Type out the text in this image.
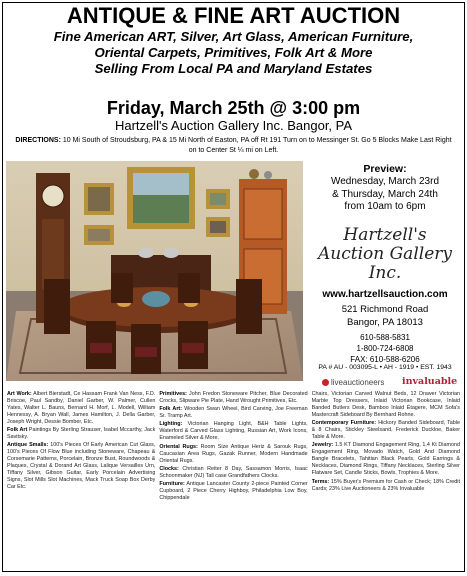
ANTIQUE & FINE ART AUCTION
Fine American ART, Silver, Art Glass, American Furniture,
Oriental Carpets, Primitives, Folk Art & More
Selling From Local PA and Maryland Estates
Friday, March 25th @ 3:00 pm
Hartzell's Auction Gallery Inc. Bangor, PA
DIRECTIONS: 10 Mi South of Stroudsburg, PA & 15 Mi North of Easton, PA off Rt 191 Turn on to Messinger St. Go 5 Blocks Make Last Right on to Center St ¼ mi on Left.
Preview:
Wednesday, March 23rd
& Thursday, March 24th
from 10am to 6pm
Hartzell's
Auction Gallery
Inc.
www.hartzellsauction.com
521 Richmond Road
Bangor, PA 18013
610-588-5831
1-800-724-6808
FAX: 610-588-6206
PA # AU - 003095-L • AH - 1919 • EST. 1943
liveauctioneers invaluable

Art Work: Albert Bierstadt, Ce Hassam Frank Van Ness, F.D. Briscoe, Paul Sandby, Daniel Garber, W. Palmer, Cullen Yates, Walter L. Bauns, Bernard H. Morf, L. Modell, William Hennessy, A. Bryan Wall, James Hamilton, J. Della Garber, Joseph Wright, Dessie Bomber, Etc.

Folk Art Paintings By Sterling Strauser, Isabel Mccarthy, Jack Savitsky.

Antique Smalls: 100's Pieces Of Early American Cut Glass, 100's Pieces Of Flow Blue including Stoneware, Chapeau & Corsemarie Patterns, Porcelain, Bronze Bust, Roundwoods & Plaques, Crystal & Dorand Art Glass, Lalique Versailles Urn, Tiffany Silver, Gibson Guitar, Early Porcelain Advertising Signs, Slot Mills Slot Machines, Mack Truck Soap Box Derby Car Etc.

Primitives: John Fredon Stoneware Pitcher, Blue Decorated Crocks, Slipware Pie Plate, Hand Wrought Primitives, Etc.

Folk Art: Wooden Swan Wheel, Bird Carving, Joe Freeman Sr. Tramp Art.

Lighting: Victorian Hanging Light, B&H Table Lights, Waterford & Carved Glass Lighting, Russian Art, Work Icons, Enameled Silver & More.

Oriental Rugs: Room Size Antique Heriz & Sarouk Rugs, Caucasian Area Rugs, Gazak Runner, Modern Handmade Oriental Rugs.

Clocks: Christian Reiter 8 Day, Sassamon Morris, Isaac Schoonmaker (NJ) Tall case Grandfathers Clocks.

Furniture: Antique Lancaster County 2-piece Painted Corner Cupboard, 2 Piece Cherry Highboy, Philadelphia Low Boy, Chippendale

Chairs, Victorian Carved Walnut Beds, 12 Drawer Victorian Marble Top Dressers, Inlaid Victorian Bookcase, Inlaid Banded Butlers Desk, Bamboo Inlaid Étagere, MCM Sofa's Mastercraft Sideboard By Bernhard Rohne.

Contemporary Furniture: Hickory Banded Sideboard, Table & 8 Chairs, Stickley Steelsand, Frederick Duckloe, Baker Table & More.

Jewelry: 1.5 KT Diamond Engagement Ring, 1.4 Kt Diamond Engagement Ring, Movado Watch, Gold And Diamond Bangle Bracelets, Tahitian Black Pearls, Gold Earrings & Necklaces, Diamond Rings, Tiffany Necklaces, Sterling Silver Flatware Set, Candle Sticks, Bowls, Trophies & More.

Terms: 15% Buyer's Premium for Cash or Check; 18% Credit Cards; 23% Live Auctioneers & 23% Invaluable
